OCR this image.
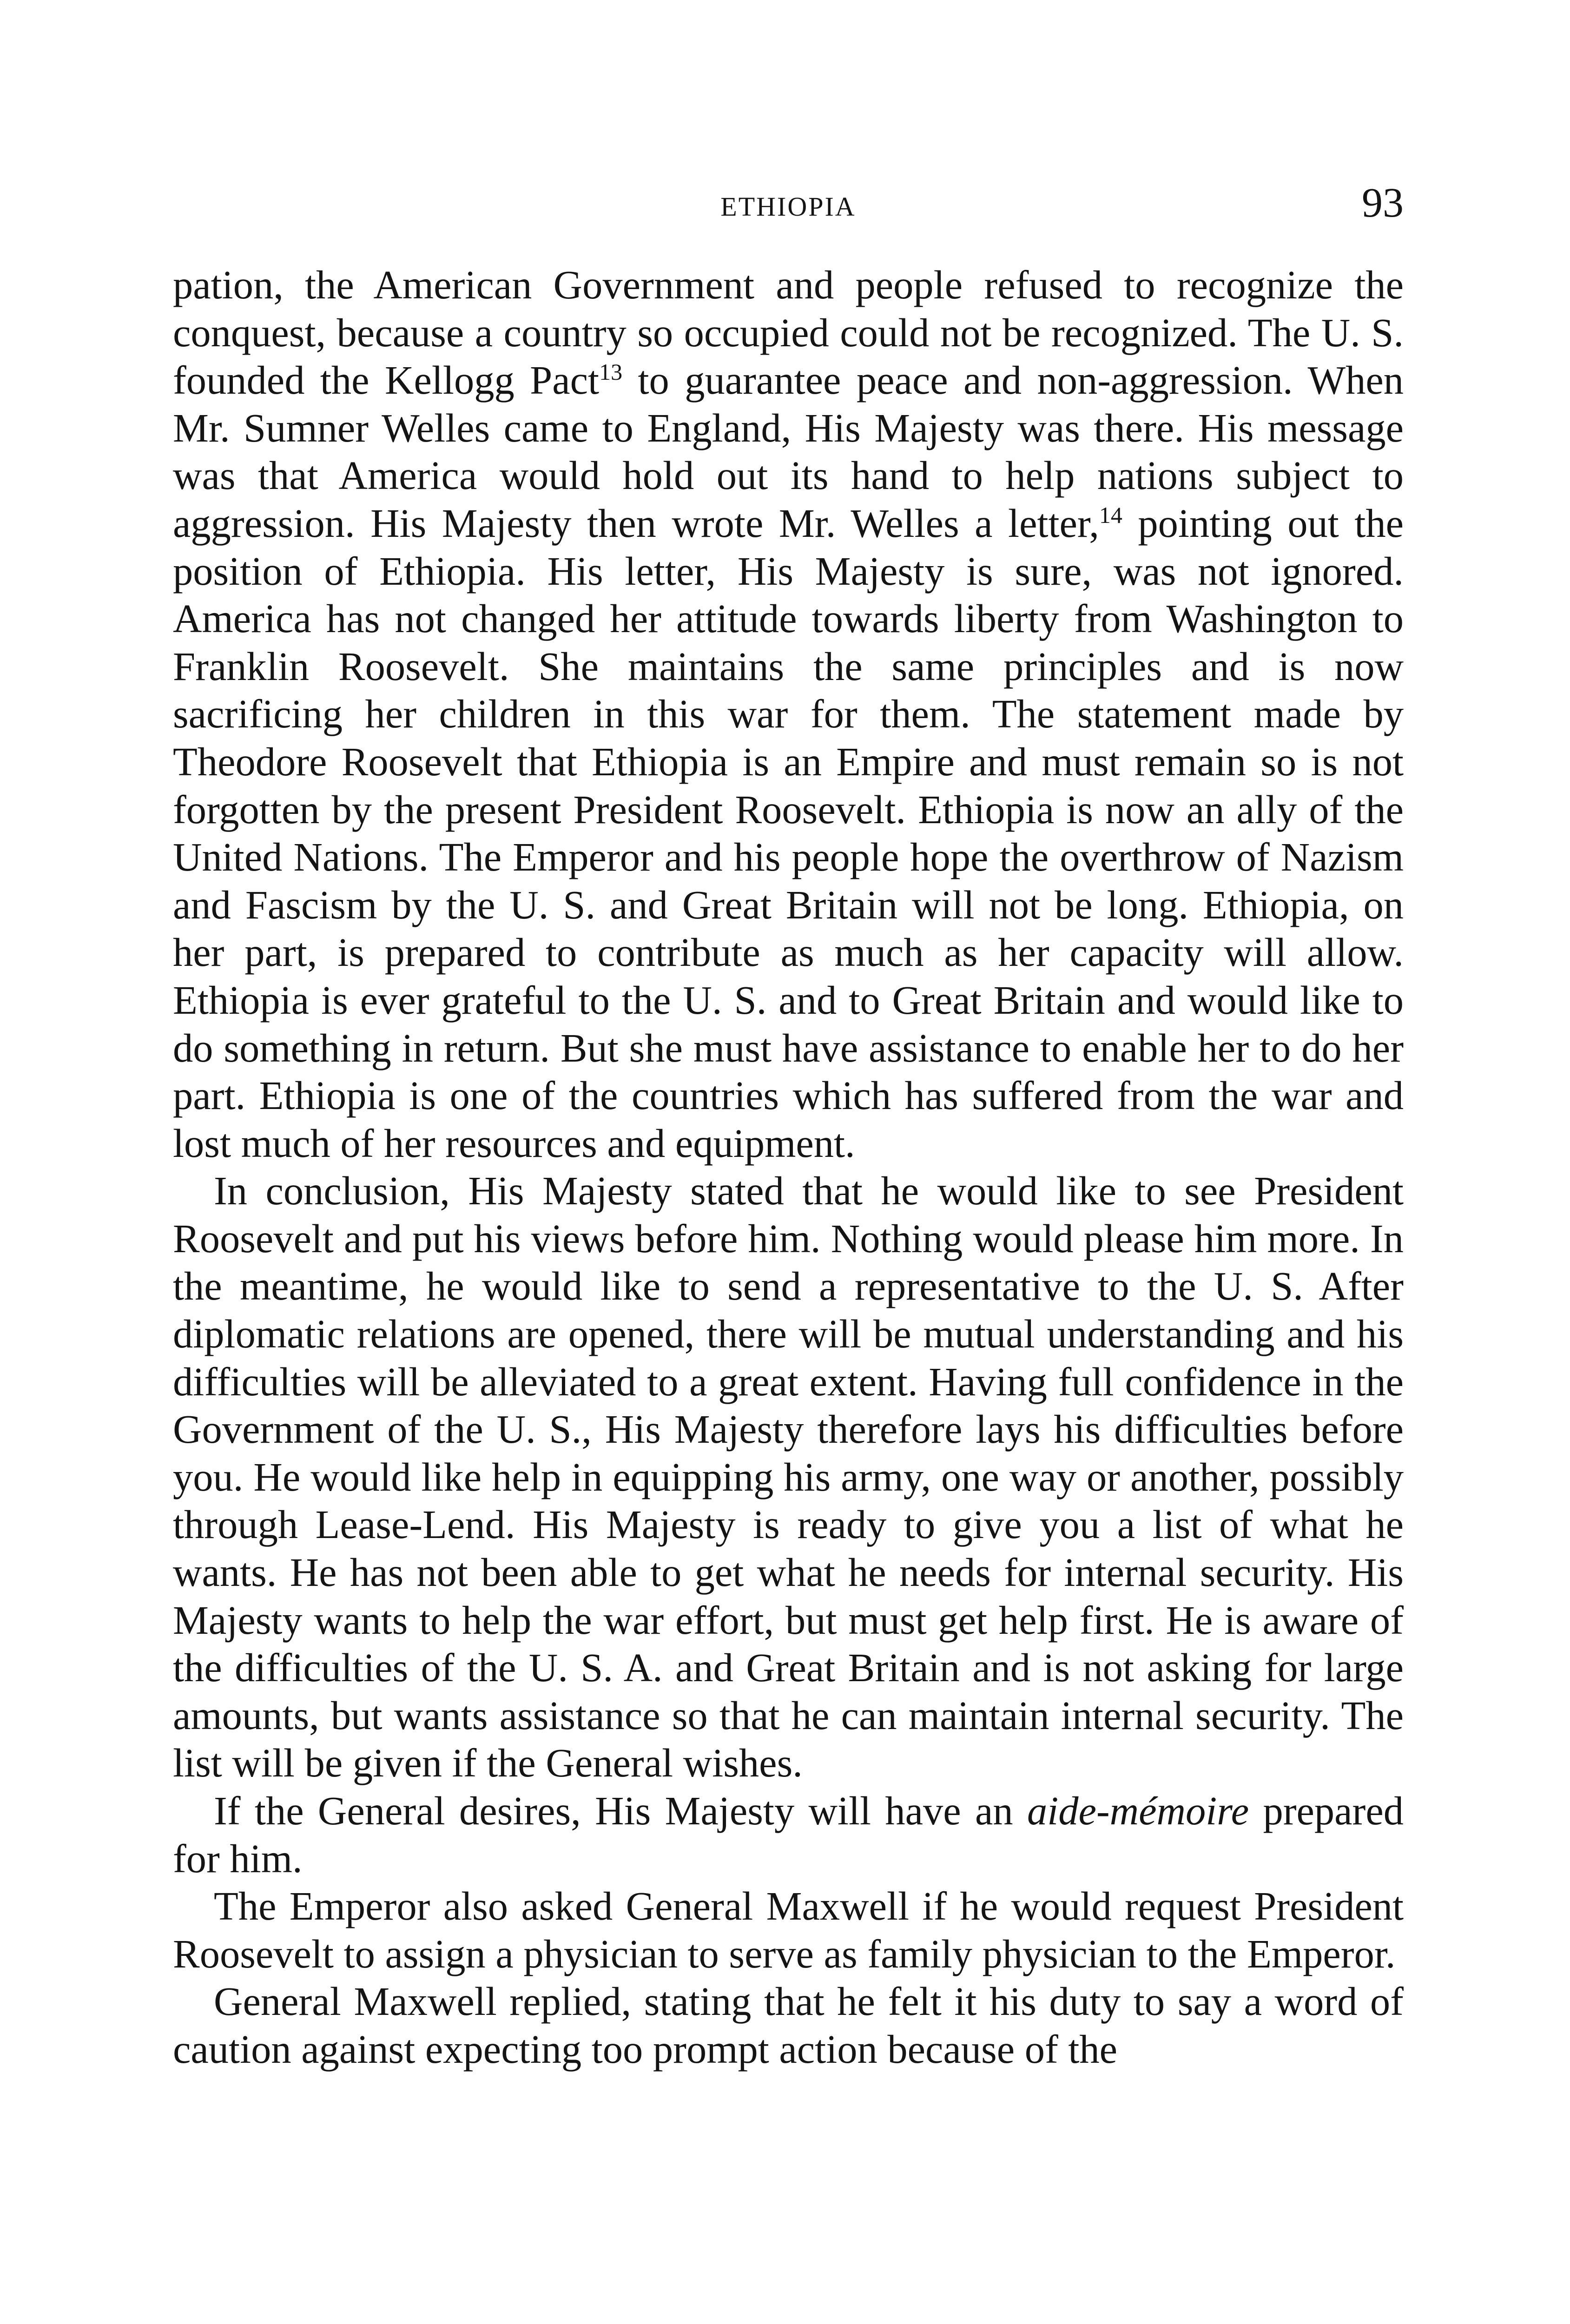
ETHIOPIA	93

pation, the American Government and people refused to recognize the conquest, because a country so occupied could not be recognized. The U. S. founded the Kellogg Pact$^{13}$ to guarantee peace and non-aggression. When Mr. Sumner Welles came to England, His Majesty was there. His message was that America would hold out its hand to help nations subject to aggression. His Majesty then wrote Mr. Welles a letter,$^{14}$ pointing out the position of Ethiopia. His letter, His Majesty is sure, was not ignored. America has not changed her attitude towards liberty from Washington to Franklin Roosevelt. She maintains the same principles and is now sacrificing her children in this war for them. The statement made by Theodore Roosevelt that Ethiopia is an Empire and must remain so is not forgotten by the present President Roosevelt. Ethiopia is now an ally of the United Nations. The Emperor and his people hope the overthrow of Nazism and Fascism by the U. S. and Great Britain will not be long. Ethiopia, on her part, is prepared to contribute as much as her capacity will allow. Ethiopia is ever grateful to the U. S. and to Great Britain and would like to do something in return. But she must have assistance to enable her to do her part. Ethiopia is one of the countries which has suffered from the war and lost much of her resources and equipment.

In conclusion, His Majesty stated that he would like to see President Roosevelt and put his views before him. Nothing would please him more. In the meantime, he would like to send a representative to the U. S. After diplomatic relations are opened, there will be mutual understanding and his difficulties will be alleviated to a great extent. Having full confidence in the Government of the U. S., His Majesty therefore lays his difficulties before you. He would like help in equipping his army, one way or another, possibly through Lease-Lend. His Majesty is ready to give you a list of what he wants. He has not been able to get what he needs for internal security. His Majesty wants to help the war effort, but must get help first. He is aware of the difficulties of the U. S. A. and Great Britain and is not asking for large amounts, but wants assistance so that he can maintain internal security. The list will be given if the General wishes.

If the General desires, His Majesty will have an aide-mémoire prepared for him.

The Emperor also asked General Maxwell if he would request President Roosevelt to assign a physician to serve as family physician to the Emperor.

General Maxwell replied, stating that he felt it his duty to say a word of caution against expecting too prompt action because of the
